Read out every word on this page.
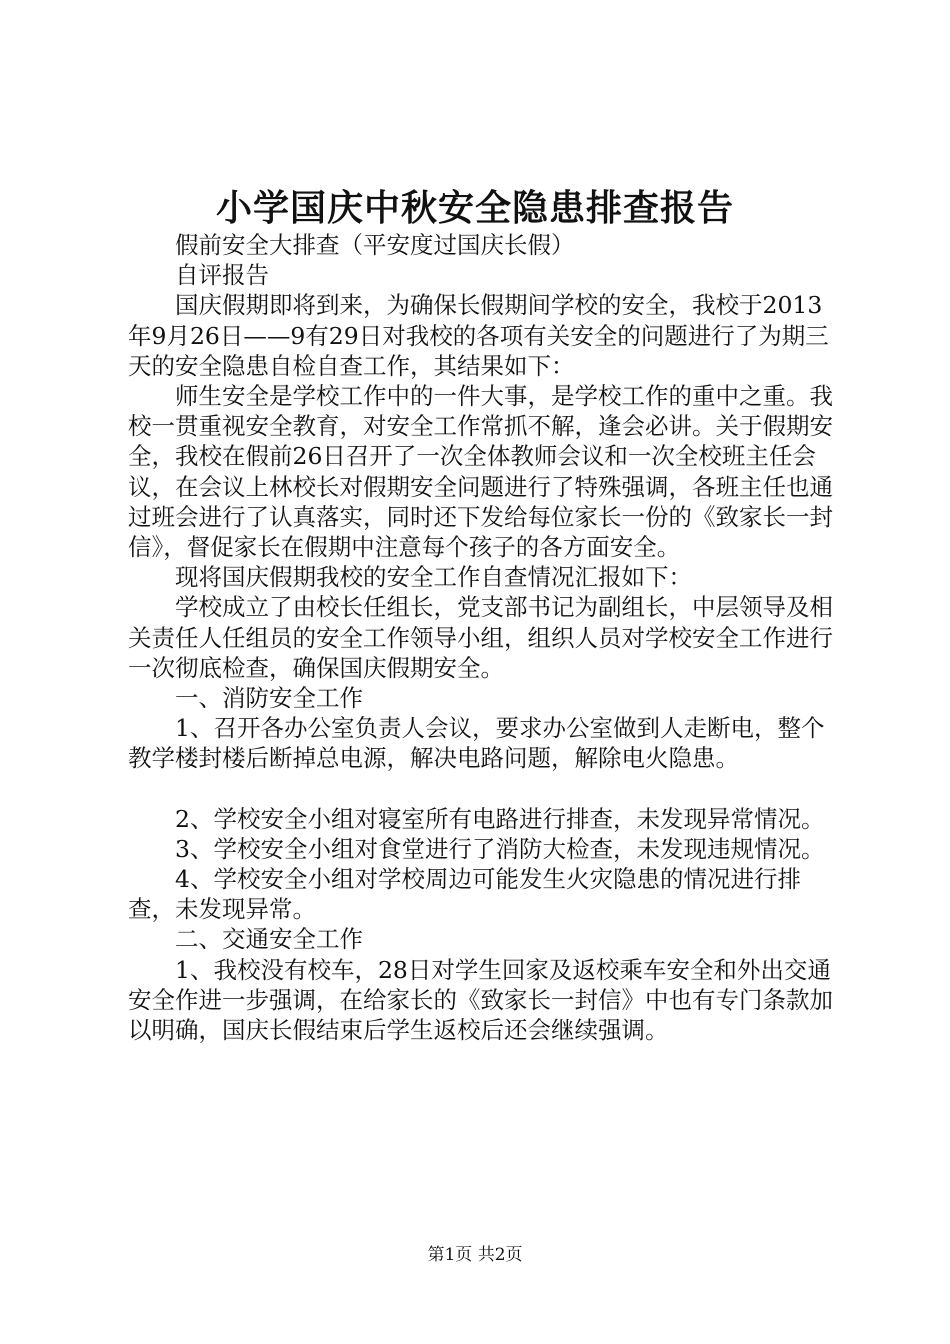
小学国庆中秋安全隐患排查报告

假前安全大排查（平安度过国庆长假）

自评报告

国庆假期即将到来，为确保长假期间学校的安全，我校于2013年9月26日——9有29日对我校的各项有关安全的问题进行了为期三天的安全隐患自检自查工作，其结果如下：

师生安全是学校工作中的一件大事，是学校工作的重中之重。我校一贯重视安全教育，对安全工作常抓不解，逢会必讲。关于假期安全，我校在假前26日召开了一次全体教师会议和一次全校班主任会议，在会议上林校长对假期安全问题进行了特殊强调，各班主任也通过班会进行了认真落实，同时还下发给每位家长一份的《致家长一封信》，督促家长在假期中注意每个孩子的各方面安全。

现将国庆假期我校的安全工作自查情况汇报如下：

学校成立了由校长任组长，党支部书记为副组长，中层领导及相关责任人任组员的安全工作领导小组，组织人员对学校安全工作进行一次彻底检查，确保国庆假期安全。

一、消防安全工作

1、召开各办公室负责人会议，要求办公室做到人走断电，整个教学楼封楼后断掉总电源，解决电路问题，解除电火隐患。

2、学校安全小组对寝室所有电路进行排查，未发现异常情况。

3、学校安全小组对食堂进行了消防大检查，未发现违规情况。

4、学校安全小组对学校周边可能发生火灾隐患的情况进行排查，未发现异常。

二、交通安全工作

1、我校没有校车，28日对学生回家及返校乘车安全和外出交通安全作进一步强调，在给家长的《致家长一封信》中也有专门条款加以明确，国庆长假结束后学生返校后还会继续强调。

第1页 共2页
